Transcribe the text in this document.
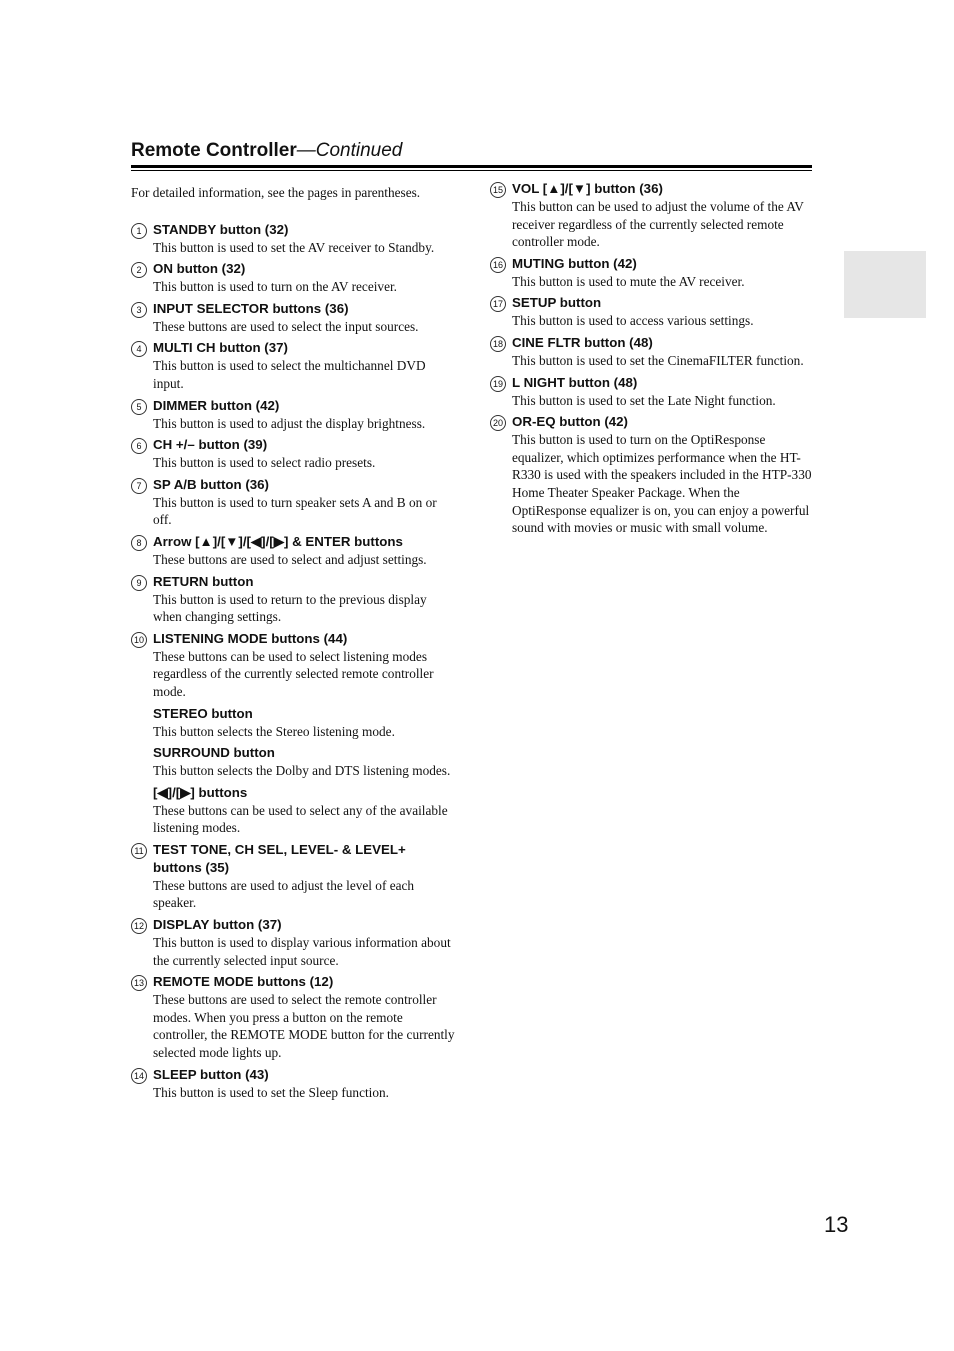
Remote Controller—Continued
For detailed information, see the pages in parentheses.
1 STANDBY button (32)
This button is used to set the AV receiver to Standby.
2 ON button (32)
This button is used to turn on the AV receiver.
3 INPUT SELECTOR buttons (36)
These buttons are used to select the input sources.
4 MULTI CH button (37)
This button is used to select the multichannel DVD input.
5 DIMMER button (42)
This button is used to adjust the display brightness.
6 CH +/– button (39)
This button is used to select radio presets.
7 SP A/B button (36)
This button is used to turn speaker sets A and B on or off.
8 Arrow [▲]/[▼]/[◀]/[▶] & ENTER buttons
These buttons are used to select and adjust settings.
9 RETURN button
This button is used to return to the previous display when changing settings.
10 LISTENING MODE buttons (44)
These buttons can be used to select listening modes regardless of the currently selected remote controller mode.
STEREO button
This button selects the Stereo listening mode.
SURROUND button
This button selects the Dolby and DTS listening modes.
[◀]/[▶] buttons
These buttons can be used to select any of the available listening modes.
11 TEST TONE, CH SEL, LEVEL- & LEVEL+ buttons (35)
These buttons are used to adjust the level of each speaker.
12 DISPLAY button (37)
This button is used to display various information about the currently selected input source.
13 REMOTE MODE buttons (12)
These buttons are used to select the remote controller modes. When you press a button on the remote controller, the REMOTE MODE button for the currently selected mode lights up.
14 SLEEP button (43)
This button is used to set the Sleep function.
15 VOL [▲]/[▼] button (36)
This button can be used to adjust the volume of the AV receiver regardless of the currently selected remote controller mode.
16 MUTING button (42)
This button is used to mute the AV receiver.
17 SETUP button
This button is used to access various settings.
18 CINE FLTR button (48)
This button is used to set the CinemaFILTER function.
19 L NIGHT button (48)
This button is used to set the Late Night function.
20 OR-EQ button (42)
This button is used to turn on the OptiResponse equalizer, which optimizes performance when the HT-R330 is used with the speakers included in the HTP-330 Home Theater Speaker Package. When the OptiResponse equalizer is on, you can enjoy a powerful sound with movies or music with small volume.
13
